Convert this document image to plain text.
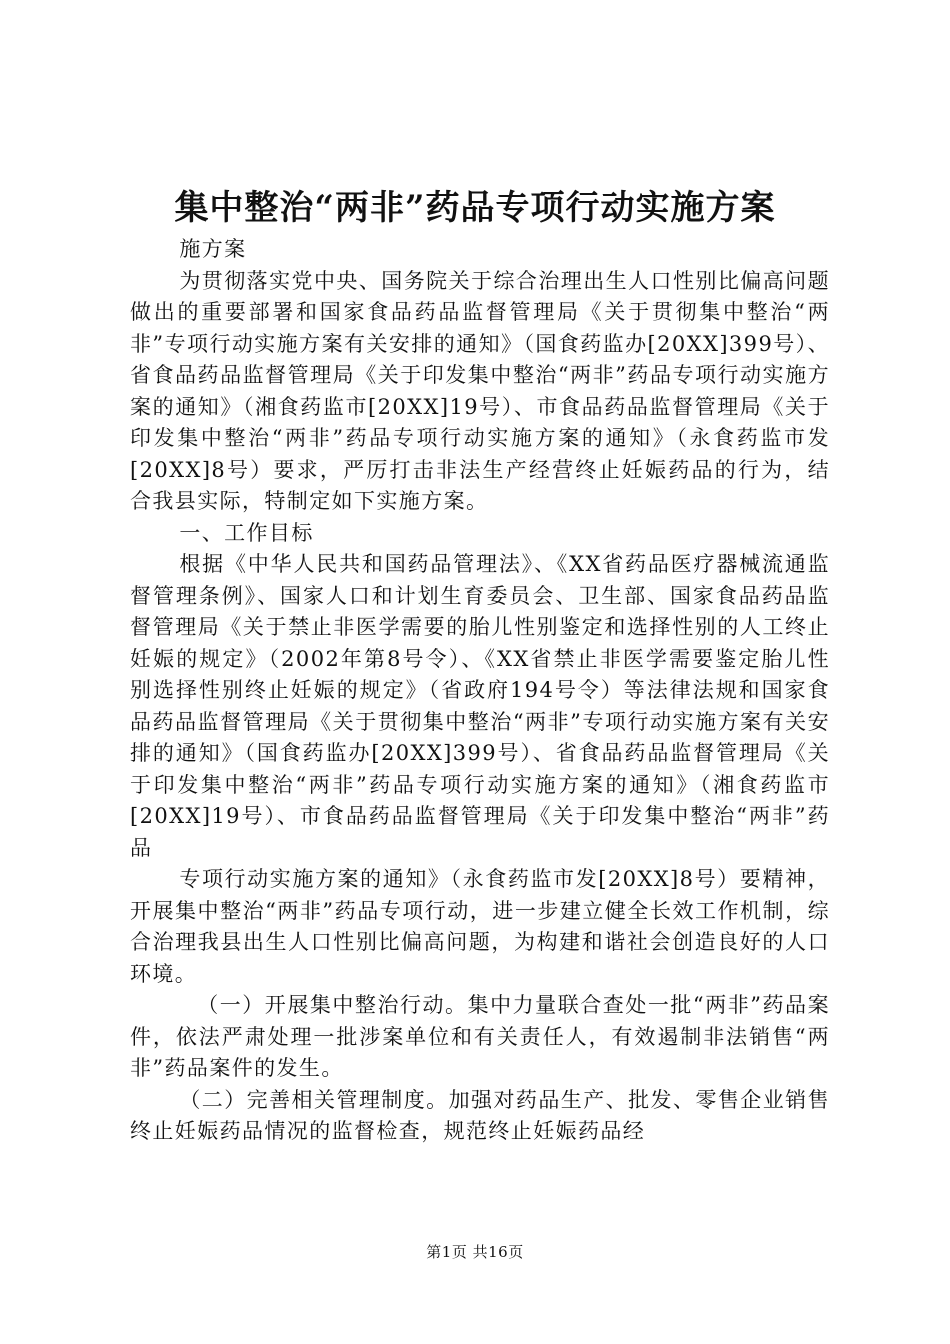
集中整治“两非”药品专项行动实施方案

施方案

为贯彻落实党中央、国务院关于综合治理出生人口性别比偏高问题做出的重要部署和国家食品药品监督管理局《关于贯彻集中整治“两非”专项行动实施方案有关安排的通知》（国食药监办[20XX]399号）、省食品药品监督管理局《关于印发集中整治“两非”药品专项行动实施方案的通知》（湘食药监市[20XX]19号）、市食品药品监督管理局《关于印发集中整治“两非”药品专项行动实施方案的通知》（永食药监市发[20XX]8号）要求，严厉打击非法生产经营终止妊娠药品的行为，结合我县实际，特制定如下实施方案。

一、工作目标

根据《中华人民共和国药品管理法》、《XX省药品医疗器械流通监督管理条例》、国家人口和计划生育委员会、卫生部、国家食品药品监督管理局《关于禁止非医学需要的胎儿性别鉴定和选择性别的人工终止妊娠的规定》（2002年第8号令）、《XX省禁止非医学需要鉴定胎儿性别选择性别终止妊娠的规定》（省政府194号令）等法律法规和国家食品药品监督管理局《关于贯彻集中整治“两非”专项行动实施方案有关安排的通知》（国食药监办[20XX]399号）、省食品药品监督管理局《关于印发集中整治“两非”药品专项行动实施方案的通知》（湘食药监市[20XX]19号）、市食品药品监督管理局《关于印发集中整治“两非”药品

专项行动实施方案的通知》（永食药监市发[20XX]8号）要精神，开展集中整治“两非”药品专项行动，进一步建立健全长效工作机制，综合治理我县出生人口性别比偏高问题，为构建和谐社会创造良好的人口环境。

（一）开展集中整治行动。集中力量联合查处一批“两非”药品案件，依法严肃处理一批涉案单位和有关责任人，有效遏制非法销售“两非”药品案件的发生。

（二）完善相关管理制度。加强对药品生产、批发、零售企业销售终止妊娠药品情况的监督检查，规范终止妊娠药品经

第1页 共16页
